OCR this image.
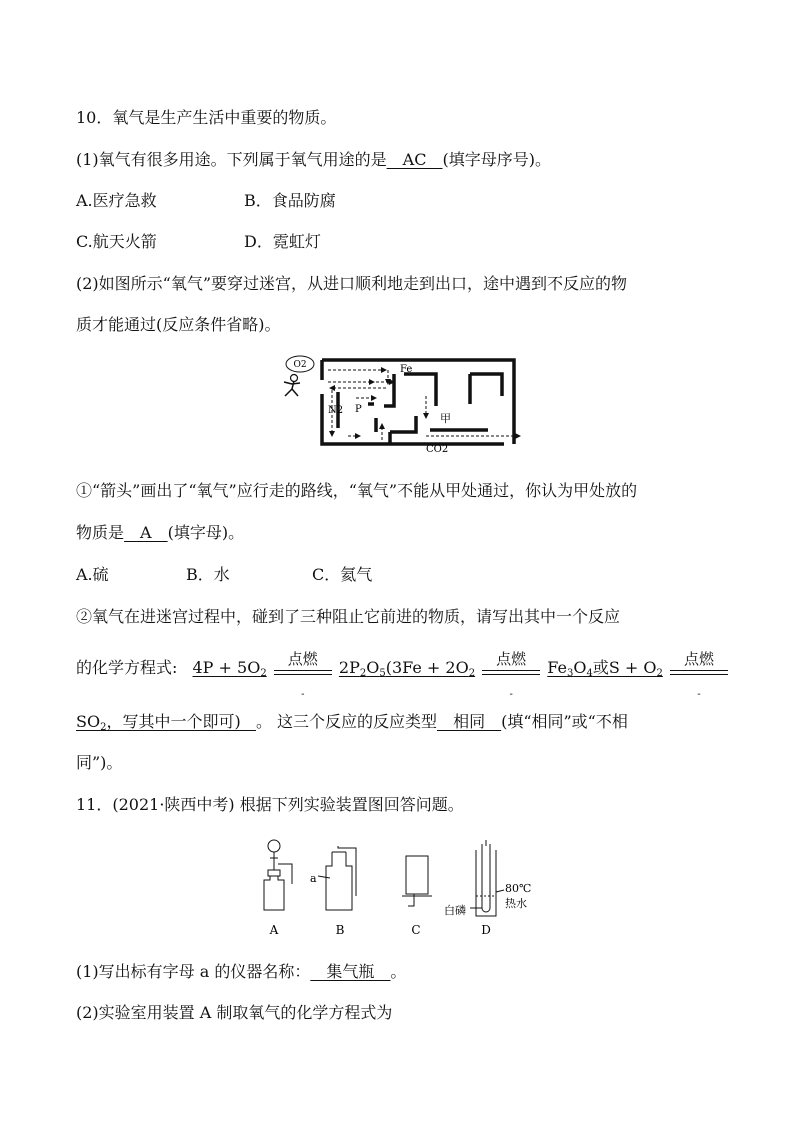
10．氧气是生产生活中重要的物质。
(1)氧气有很多用途。下列属于氧气用途的是__AC__(填字母序号)。
A.医疗急救	B．食品防腐
C.航天火箭	D．霓虹灯
(2)如图所示“氧气”要穿过迷宫，从进口顺利地走到出口，途中遇到不反应的物
质才能通过(反应条件省略)。
O2	Fe
N2 P
甲
CO2
①“箭头”画出了“氧气”应行走的路线，“氧气”不能从甲处通过，你认为甲处放的
物质是__A__(填字母)。
A.硫	B．水	C．氦气
②氧气在进迷宫过程中，碰到了三种阻止它前进的物质，请写出其中一个反应
的化学方程式: $4P + 5O_2$
点燃
-
$2P_2O_5(3Fe + 2O_2$
点燃
-
$Fe_3O_4$或$S + O_2$
点燃
-
$SO_2$，写其中一个即可)   。 这三个反应的反应类型__相同__(填“相同”或“不相
同”)。
11．(2021·陕西中考) 根据下列实验装置图回答问题。
a
80℃
热水
白磷
A	B	C	D
(1)写出标有字母 a 的仪器名称：__集气瓶__。
(2)实验室用装置 A 制取氧气的化学方程式为
